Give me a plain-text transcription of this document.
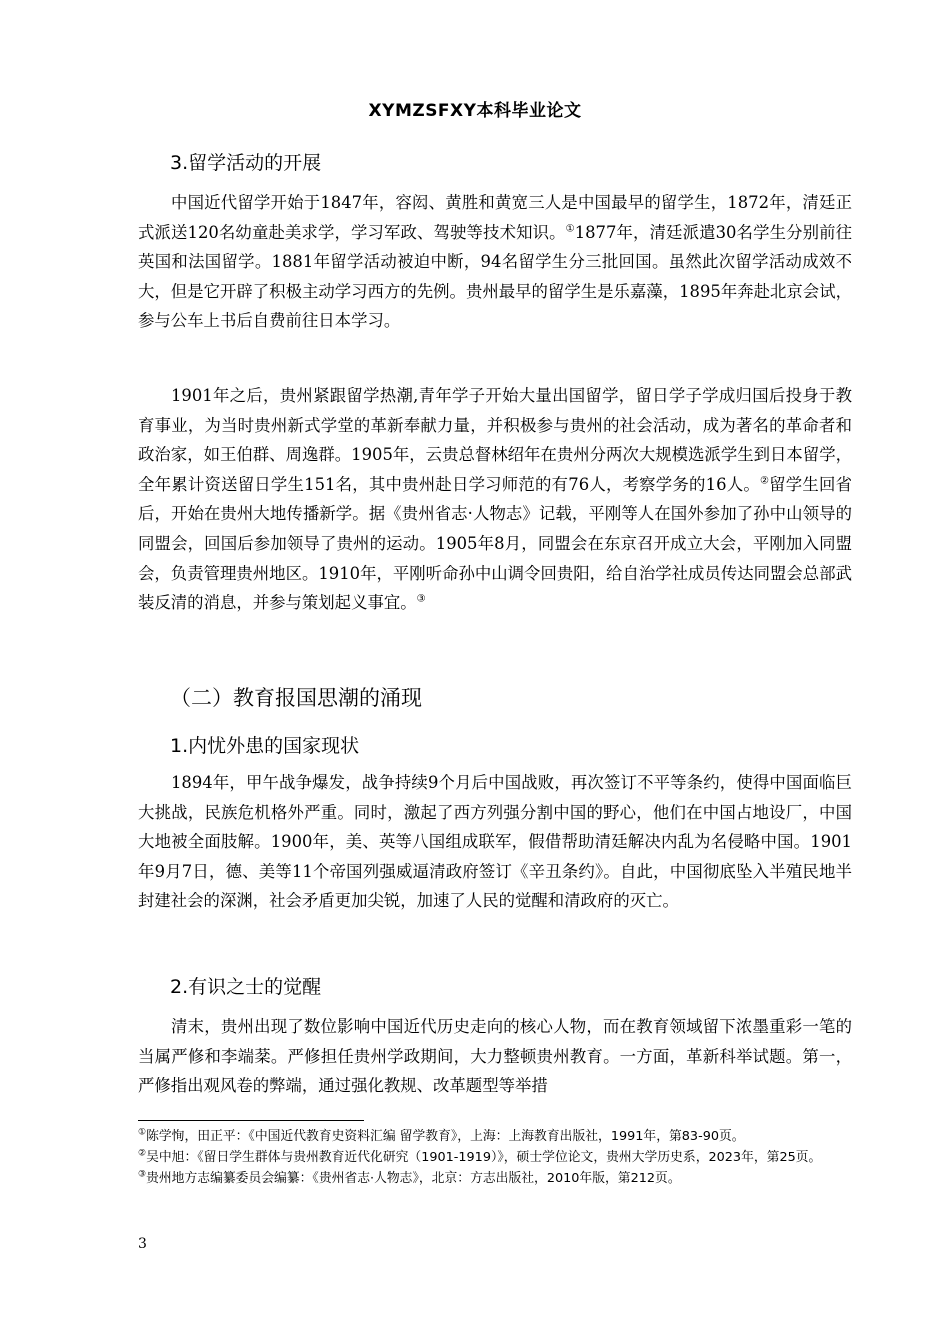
XYMZSFXY本科毕业论文
3.留学活动的开展

中国近代留学开始于1847年，容闳、黄胜和黄宽三人是中国最早的留学生，1872年，清廷正式派送120名幼童赴美求学，学习军政、驾驶等技术知识。①1877年，清廷派遣30名学生分别前往英国和法国留学。1881年留学活动被迫中断，94名留学生分三批回国。虽然此次留学活动成效不大，但是它开辟了积极主动学习西方的先例。贵州最早的留学生是乐嘉藻，1895年奔赴北京会试，参与公车上书后自费前往日本学习。

1901年之后，贵州紧跟留学热潮,青年学子开始大量出国留学，留日学子学成归国后投身于教育事业，为当时贵州新式学堂的革新奉献力量，并积极参与贵州的社会活动，成为著名的革命者和政治家，如王伯群、周逸群。1905年，云贵总督林绍年在贵州分两次大规模选派学生到日本留学，全年累计资送留日学生151名，其中贵州赴日学习师范的有76人，考察学务的16人。②留学生回省后，开始在贵州大地传播新学。据《贵州省志·人物志》记载，平刚等人在国外参加了孙中山领导的同盟会，回国后参加领导了贵州的运动。1905年8月，同盟会在东京召开成立大会，平刚加入同盟会，负责管理贵州地区。1910年，平刚听命孙中山调令回贵阳，给自治学社成员传达同盟会总部武装反清的消息，并参与策划起义事宜。③

（二）教育报国思潮的涌现
1.内忧外患的国家现状

1894年，甲午战争爆发，战争持续9个月后中国战败，再次签订不平等条约，使得中国面临巨大挑战，民族危机格外严重。同时，激起了西方列强分割中国的野心，他们在中国占地设厂，中国大地被全面肢解。1900年，美、英等八国组成联军，假借帮助清廷解决内乱为名侵略中国。1901年9月7日，德、美等11个帝国列强威逼清政府签订《辛丑条约》。自此，中国彻底坠入半殖民地半封建社会的深渊，社会矛盾更加尖锐，加速了人民的觉醒和清政府的灭亡。

2.有识之士的觉醒

清末，贵州出现了数位影响中国近代历史走向的核心人物，而在教育领域留下浓墨重彩一笔的当属严修和李端棻。严修担任贵州学政期间，大力整顿贵州教育。一方面，革新科举试题。第一，严修指出观风卷的弊端，通过强化教规、改革题型等举措

①陈学恂，田正平：《中国近代教育史资料汇编 留学教育》，上海：上海教育出版社，1991年，第83-90页。

②吴中旭：《留日学生群体与贵州教育近代化研究（1901-1919）》，硕士学位论文，贵州大学历史系，2023年，第25页。

③贵州地方志编纂委员会编纂：《贵州省志·人物志》，北京：方志出版社，2010年版，第212页。

3
